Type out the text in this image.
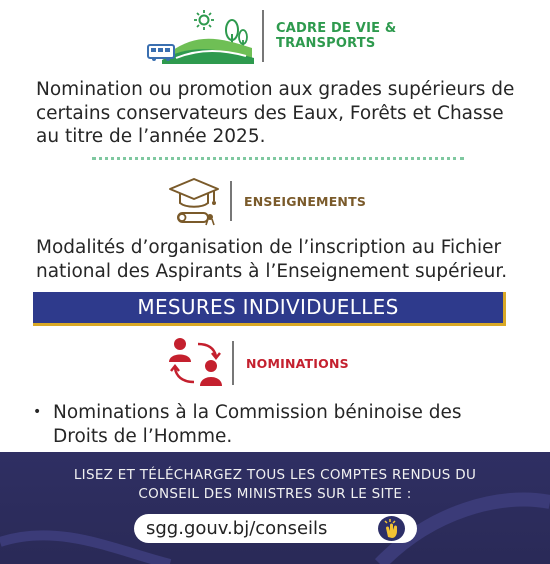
CADRE DE VIE &
TRANSPORTS
Nomination ou promotion aux grades supérieurs de
certains conservateurs des Eaux, Forêts et Chasse
au titre de l’année 2025.
ENSEIGNEMENTS
Modalités d’organisation de l’inscription au Fichier
national des Aspirants à l’Enseignement supérieur.
MESURES INDIVIDUELLES
NOMINATIONS
• Nominations à la Commission béninoise des
Droits de l’Homme.
LISEZ ET TÉLÉCHARGEZ TOUS LES COMPTES RENDUS DU
CONSEIL DES MINISTRES SUR LE SITE :
sgg.gouv.bj/conseils
